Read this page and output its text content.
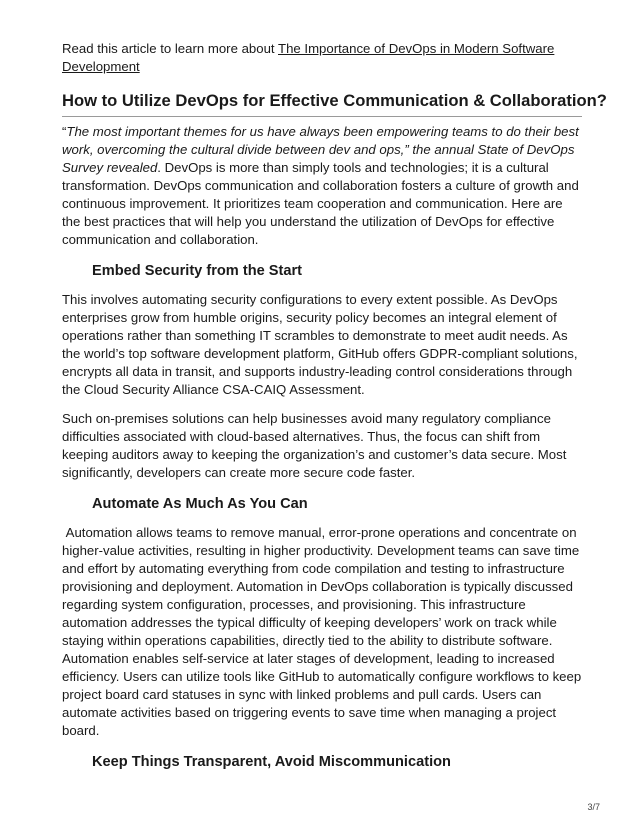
Read this article to learn more about The Importance of DevOps in Modern Software Development

How to Utilize DevOps for Effective Communication & Collaboration?

“The most important themes for us have always been empowering teams to do their best work, overcoming the cultural divide between dev and ops,” the annual State of DevOps Survey revealed. DevOps is more than simply tools and technologies; it is a cultural transformation. DevOps communication and collaboration fosters a culture of growth and continuous improvement. It prioritizes team cooperation and communication. Here are the best practices that will help you understand the utilization of DevOps for effective communication and collaboration.

Embed Security from the Start

This involves automating security configurations to every extent possible. As DevOps enterprises grow from humble origins, security policy becomes an integral element of operations rather than something IT scrambles to demonstrate to meet audit needs. As the world’s top software development platform, GitHub offers GDPR-compliant solutions, encrypts all data in transit, and supports industry-leading control considerations through the Cloud Security Alliance CSA-CAIQ Assessment.

Such on-premises solutions can help businesses avoid many regulatory compliance difficulties associated with cloud-based alternatives. Thus, the focus can shift from keeping auditors away to keeping the organization’s and customer’s data secure. Most significantly, developers can create more secure code faster.

Automate As Much As You Can

Automation allows teams to remove manual, error-prone operations and concentrate on higher-value activities, resulting in higher productivity. Development teams can save time and effort by automating everything from code compilation and testing to infrastructure provisioning and deployment. Automation in DevOps collaboration is typically discussed regarding system configuration, processes, and provisioning. This infrastructure automation addresses the typical difficulty of keeping developers’ work on track while staying within operations capabilities, directly tied to the ability to distribute software. Automation enables self-service at later stages of development, leading to increased efficiency. Users can utilize tools like GitHub to automatically configure workflows to keep project board card statuses in sync with linked problems and pull cards. Users can automate activities based on triggering events to save time when managing a project board.

Keep Things Transparent, Avoid Miscommunication
3/7
